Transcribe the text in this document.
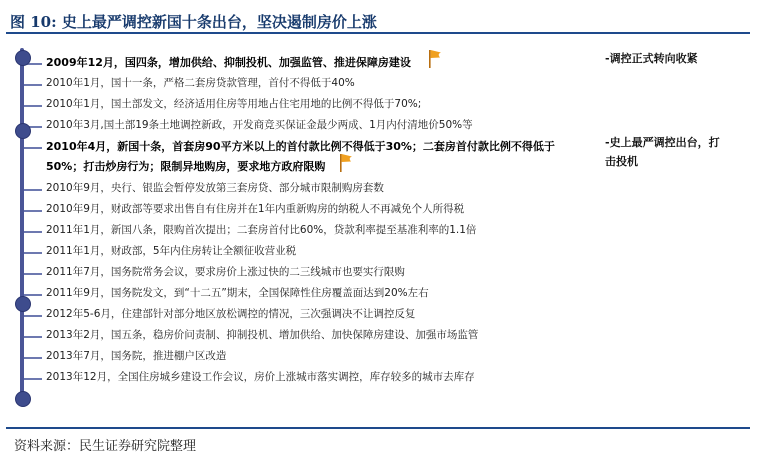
图 10: 史上最严调控新国十条出台，坚决遏制房价上涨
2009年12月，国四条，增加供给、抑制投机、加强监管、推进保障房建设
2010年1月，国十一条，严格二套房贷款管理，首付不得低于40%
2010年1月，国土部发文，经济适用住房等用地占住宅用地的比例不得低于70%;
2010年3月,国土部19条土地调控新政，开发商竞买保证金最少两成、1月内付清地价50%等
2010年4月，新国十条，首套房90平方米以上的首付款比例不得低于30%；二套房首付款比例不得低于
50%；打击炒房行为；限制异地购房，要求地方政府限购
2010年9月，央行、银监会暂停发放第三套房贷、部分城市限制购房套数
2010年9月，财政部等要求出售自有住房并在1年内重新购房的纳税人不再减免个人所得税
2011年1月，新国八条，限购首次提出；二套房首付比60%，贷款利率提至基准利率的1.1倍
2011年1月，财政部，5年内住房转让全额征收营业税
2011年7月，国务院常务会议，要求房价上涨过快的二三线城市也要实行限购
2011年9月，国务院发文，到“十二五”期末，全国保障性住房覆盖面达到20%左右
2012年5-6月，住建部针对部分地区放松调控的情况，三次强调决不让调控反复
2013年2月，国五条，稳房价问责制、抑制投机、增加供给、加快保障房建设、加强市场监管
2013年7月，国务院，推进棚户区改造
2013年12月，全国住房城乡建设工作会议，房价上涨城市落实调控，库存较多的城市去库存
-调控正式转向收紧
-史上最严调控出台，打
击投机
资料来源：民生证券研究院整理
